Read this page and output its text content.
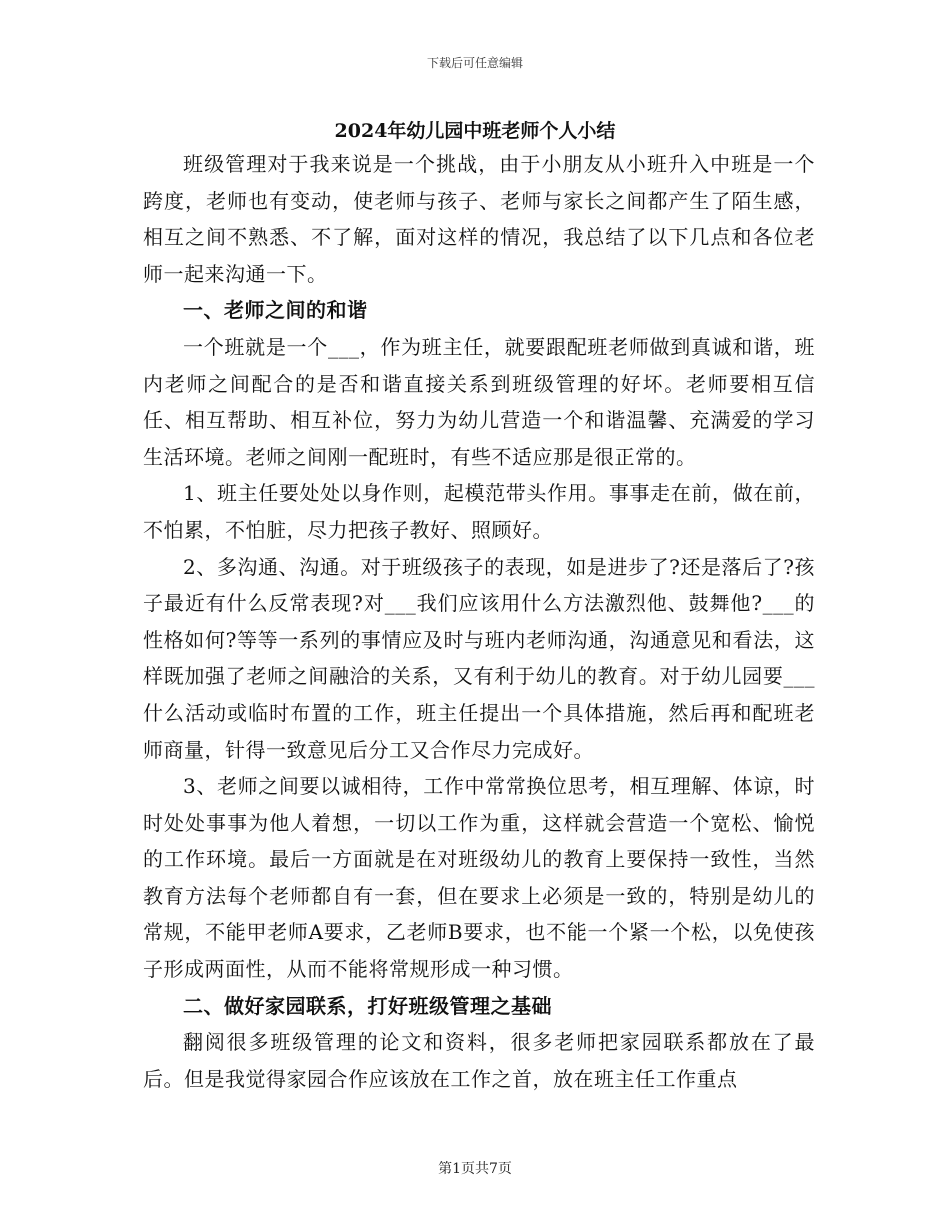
下载后可任意编辑
2024年幼儿园中班老师个人小结

班级管理对于我来说是一个挑战，由于小朋友从小班升入中班是一个跨度，老师也有变动，使老师与孩子、老师与家长之间都产生了陌生感，相互之间不熟悉、不了解，面对这样的情况，我总结了以下几点和各位老师一起来沟通一下。

一、老师之间的和谐

一个班就是一个___，作为班主任，就要跟配班老师做到真诚和谐，班内老师之间配合的是否和谐直接关系到班级管理的好坏。老师要相互信任、相互帮助、相互补位，努力为幼儿营造一个和谐温馨、充满爱的学习生活环境。老师之间刚一配班时，有些不适应那是很正常的。

1、班主任要处处以身作则，起模范带头作用。事事走在前，做在前，不怕累，不怕脏，尽力把孩子教好、照顾好。

2、多沟通、沟通。对于班级孩子的表现，如是进步了?还是落后了?孩子最近有什么反常表现?对___我们应该用什么方法激烈他、鼓舞他?___的性格如何?等等一系列的事情应及时与班内老师沟通，沟通意见和看法，这样既加强了老师之间融洽的关系，又有利于幼儿的教育。对于幼儿园要___什么活动或临时布置的工作，班主任提出一个具体措施，然后再和配班老师商量，针得一致意见后分工又合作尽力完成好。

3、老师之间要以诚相待，工作中常常换位思考，相互理解、体谅，时时处处事事为他人着想，一切以工作为重，这样就会营造一个宽松、愉悦的工作环境。最后一方面就是在对班级幼儿的教育上要保持一致性，当然教育方法每个老师都自有一套，但在要求上必须是一致的，特别是幼儿的常规，不能甲老师A要求，乙老师B要求，也不能一个紧一个松，以免使孩子形成两面性，从而不能将常规形成一种习惯。

二、做好家园联系，打好班级管理之基础

翻阅很多班级管理的论文和资料，很多老师把家园联系都放在了最后。但是我觉得家园合作应该放在工作之首，放在班主任工作重点

第1页共7页
